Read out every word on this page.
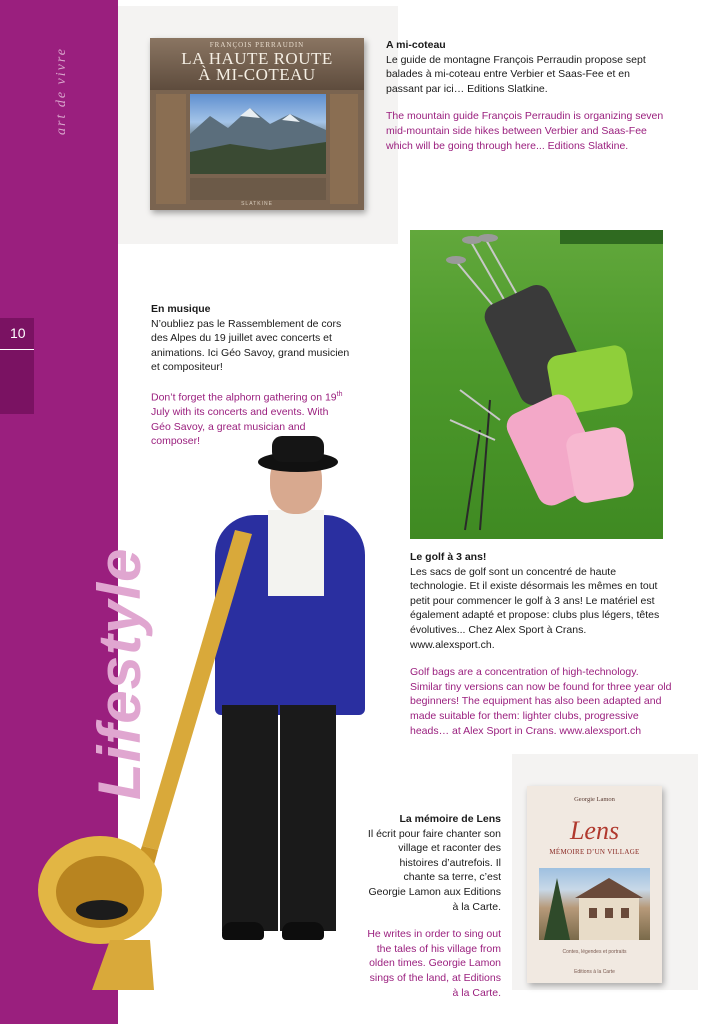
art de vivre
10
Lifestyle
FRANÇOIS PERRAUDIN
LA HAUTE ROUTE
À MI-COTEAU
SLATKINE
A mi-coteau

Le guide de montagne François Perraudin propose sept balades à mi-coteau entre Verbier et Saas-Fee et en passant par ici… Editions Slatkine.

The mountain guide François Perraudin is organizing seven mid-mountain side hikes between Verbier and Saas-Fee which will be going through here... Editions Slatkine.

En musique

N’oubliez pas le Rassemblement de cors des Alpes du 19 juillet avec concerts et animations. Ici Géo Savoy, grand musicien et compositeur!

Don’t forget the alphorn gathering on 19th July with its concerts and events. With Géo Savoy, a great musician and composer!

Le golf à 3 ans!

Les sacs de golf sont un concentré de haute technologie. Et il existe désormais les mêmes en tout petit pour commencer le golf à 3 ans! Le matériel est également adapté et propose: clubs plus légers, têtes évolutives... Chez Alex Sport à Crans. www.alexsport.ch.

Golf bags are a concentration of high-technology. Similar tiny versions can now be found for three year old beginners! The equipment has also been adapted and made suitable for them: lighter clubs, progressive heads… at Alex Sport in Crans. www.alexsport.ch

La mémoire de Lens

Il écrit pour faire chanter son village et raconter des histoires d’autrefois. Il chante sa terre, c’est Georgie Lamon aux Editions à la Carte.

He writes in order to sing out the tales of his village from olden times. Georgie Lamon sings of the land, at Editions à la Carte.

Georgie Lamon
Lens
MÉMOIRE D’UN VILLAGE
Contes, légendes et portraits
Editions à la Carte
